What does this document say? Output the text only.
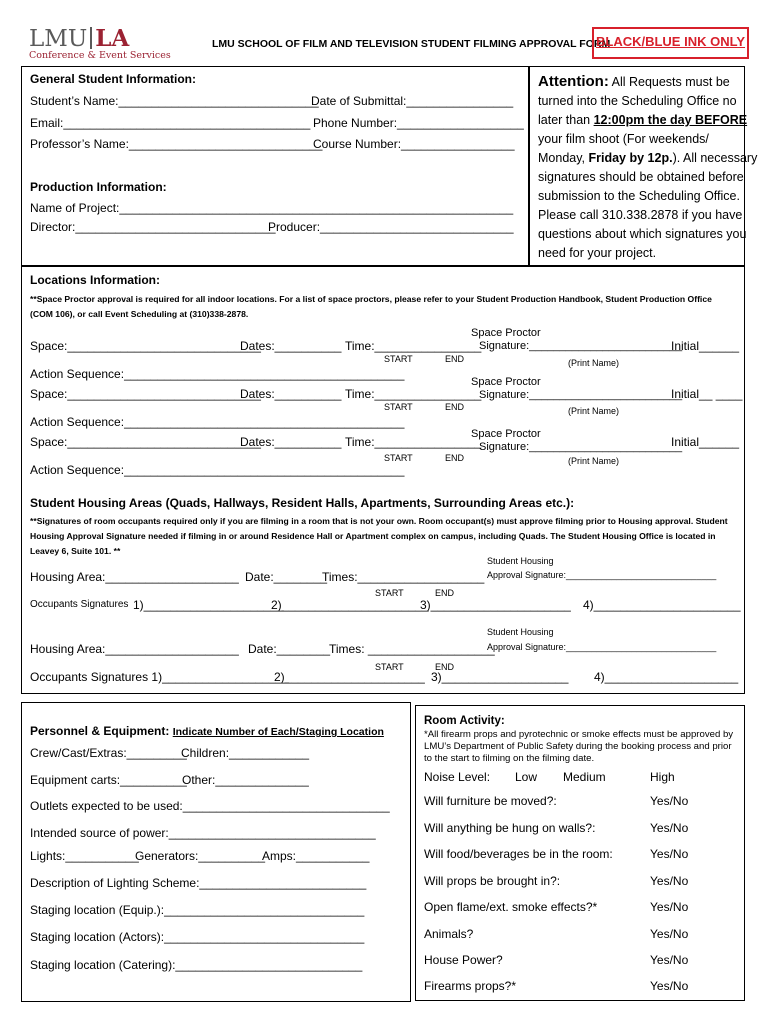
LMU LA
Conference & Event Services
LMU SCHOOL OF FILM AND TELEVISION STUDENT FILMING APPROVAL FORM
BLACK/BLUE INK ONLY
General Student Information:
Student’s Name:______________________________
Date of Submittal:________________
Email:_____________________________________ Phone Number:___________________
Professor’s Name:_____________________________
Course Number:_________________
Production Information:
Name of Project:___________________________________________________________
Director:______________________________
Producer:_____________________________
Attention: All Requests must be
turned into the Scheduling Office no
later than 12:00pm the day BEFORE
your film shoot (For weekends/
Monday, Friday by 12p.). All necessary
signatures should be obtained before
submission to the Scheduling Office.
Please call 310.338.2878 if you have
questions about which signatures you
need for your project.
Locations Information:
**Space Proctor approval is required for all indoor locations. For a list of space proctors, please refer to your Student Production Handbook, Student Production Office (COM 106), or call Event Scheduling at (310)338-2878.
Space:_____________________________
Dates:__________ Time:________________
START	END
Space Proctor
Signature:_________________________
Initial______
(Print Name)
Action Sequence:__________________________________________
Space:_____________________________
Dates:__________ Time:________________
START	END
Space Proctor
Signature:_________________________
Initial__ ____
(Print Name)
Action Sequence:__________________________________________
Space:_____________________________
Dates:__________ Time:________________
START	END
Space Proctor
Signature:_________________________
Initial______
(Print Name)
Action Sequence:__________________________________________
Student Housing Areas (Quads, Hallways, Resident Halls, Apartments, Surrounding Areas etc.):
**Signatures of room occupants required only if you are filming in a room that is not your own. Room occupant(s) must approve filming prior to Housing approval. Student Housing Approval Signature needed if filming in or around Residence Hall or Apartment complex on campus, including Quads. The Student Housing Office is located in Leavey 6, Suite 101. **
Student Housing
Approval Signature:______________________________
Housing Area:____________________ Date:________
Times:___________________
START	END
Occupants Signatures 1)_____________________
2)______________________
3)_____________________ 4)______________________
Student Housing
Approval Signature:______________________________
Housing Area:____________________ Date:________
Times: ___________________
START	END
Occupants Signatures 1)___________________
2)_____________________ 3)___________________ 4)____________________
Personnel & Equipment: Indicate Number of Each/Staging Location
Crew/Cast/Extras:_________
Children:____________
Equipment carts:__________
Other:______________
Outlets expected to be used:_______________________________
Intended source of power:_______________________________
Lights:___________
Generators:__________
Amps:___________
Description of Lighting Scheme:_________________________
Staging location (Equip.):______________________________
Staging location (Actors):______________________________
Staging location (Catering):____________________________
Room Activity:
*All firearm props and pyrotechnic or smoke effects must be approved by LMU’s Department of Public Safety during the booking process and prior to the start to filming on the filming date.
Noise Level: Low Medium	High
Will furniture be moved?:	Yes/No
Will anything be hung on walls?:	Yes/No
Will food/beverages be in the room:	Yes/No
Will props be brought in?:	Yes/No
Open flame/ext. smoke effects?*	Yes/No
Animals?	Yes/No
House Power?	Yes/No
Firearms props?*	Yes/No
